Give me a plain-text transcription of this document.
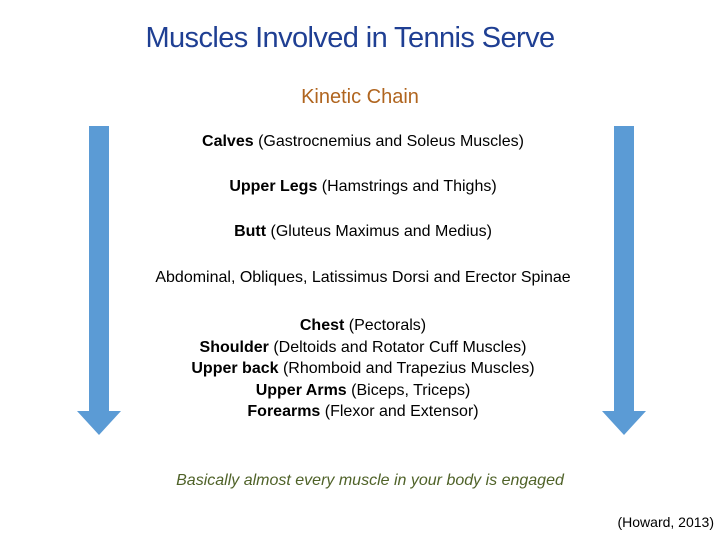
Muscles Involved in Tennis Serve
Kinetic Chain
Calves (Gastrocnemius and Soleus Muscles)
Upper Legs (Hamstrings and Thighs)
Butt (Gluteus Maximus and Medius)
Abdominal, Obliques, Latissimus Dorsi and Erector Spinae
Chest (Pectorals)
Shoulder (Deltoids and Rotator Cuff Muscles)
Upper back (Rhomboid and Trapezius Muscles)
Upper Arms (Biceps, Triceps)
Forearms (Flexor and Extensor)
Basically almost every muscle in your body is engaged
(Howard, 2013)
